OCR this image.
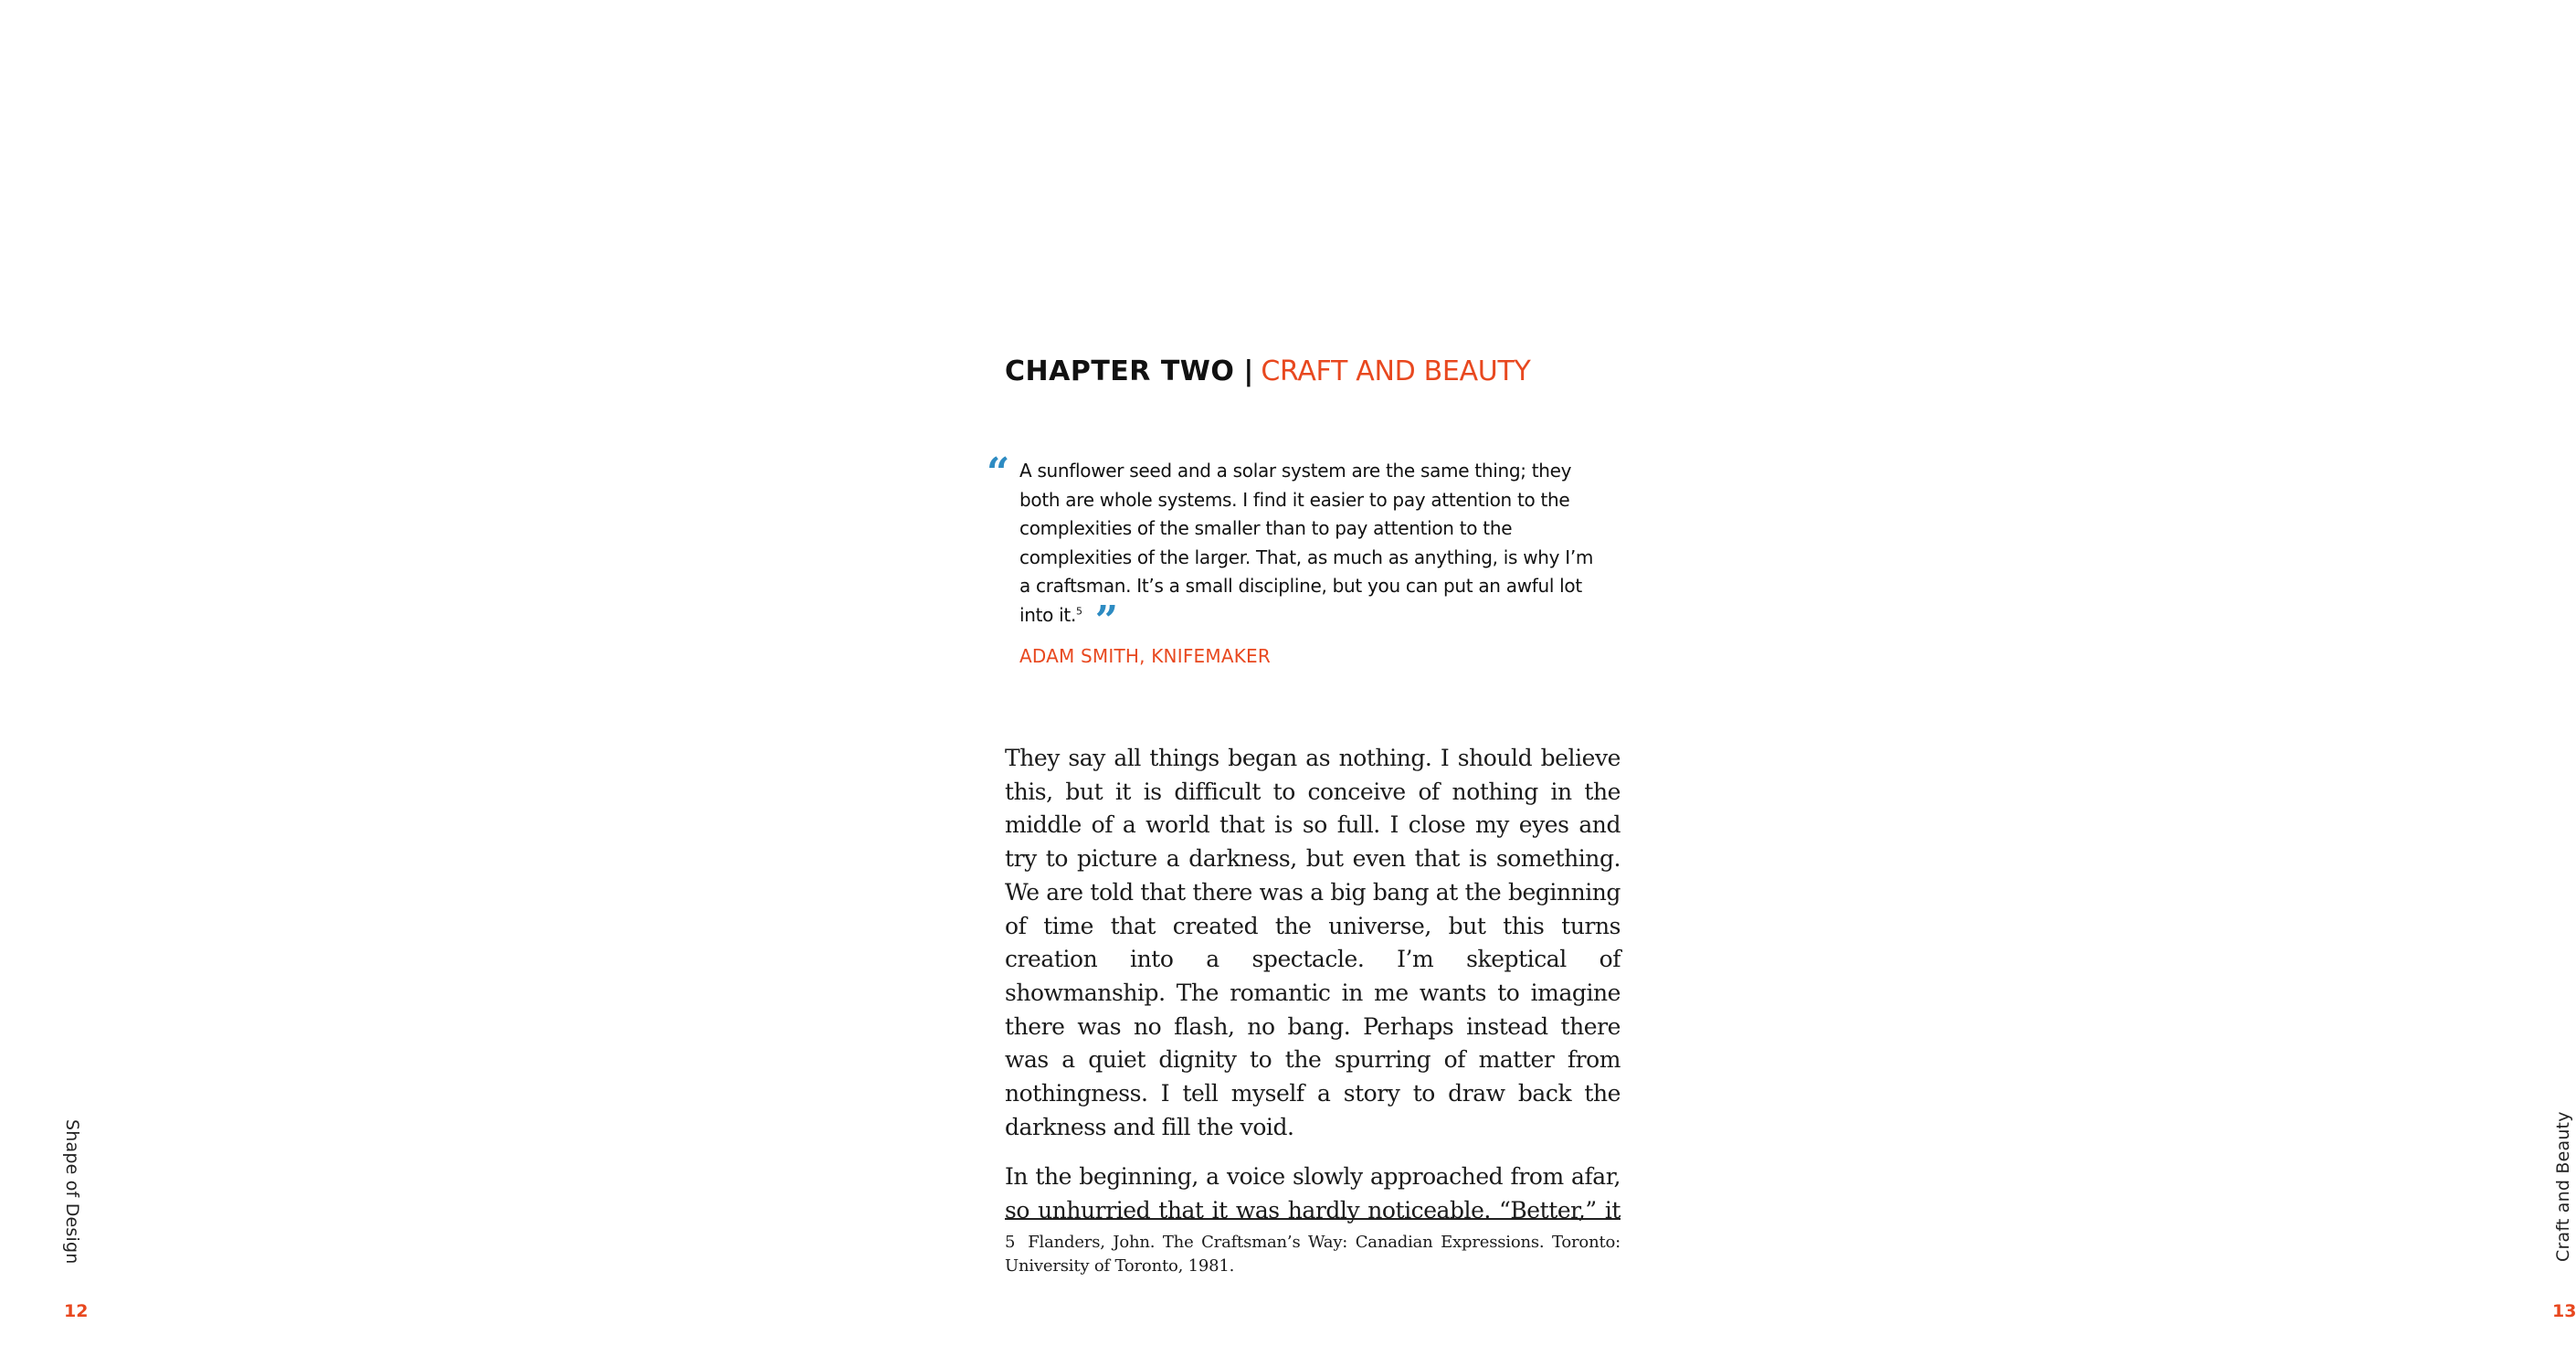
Shape of Design
12
Craft and Beauty
13
CHAPTER TWO | CRAFT AND BEAUTY
“ A sunflower seed and a solar system are the same thing; they both are whole systems. I find it easier to pay attention to the complexities of the smaller than to pay attention to the complexities of the larger. That, as much as anything, is why I’m a craftsman. It’s a small discipline, but you can put an awful lot into it.$^5$ ”
ADAM SMITH, KNIFEMAKER

They say all things began as nothing. I should believe this, but it is difficult to conceive of nothing in the middle of a world that is so full. I close my eyes and try to picture a darkness, but even that is something. We are told that there was a big bang at the beginning of time that created the universe, but this turns creation into a spectacle. I’m skeptical of showmanship. The romantic in me wants to imagine there was no flash, no bang. Perhaps instead there was a quiet dignity to the spurring of matter from nothingness. I tell myself a story to draw back the darkness and fill the void.

In the beginning, a voice slowly approached from afar, so unhurried that it was hardly noticeable. “Better,” it

5 Flanders, John. The Craftsman’s Way: Canadian Expressions. Toronto: University of Toronto, 1981.
